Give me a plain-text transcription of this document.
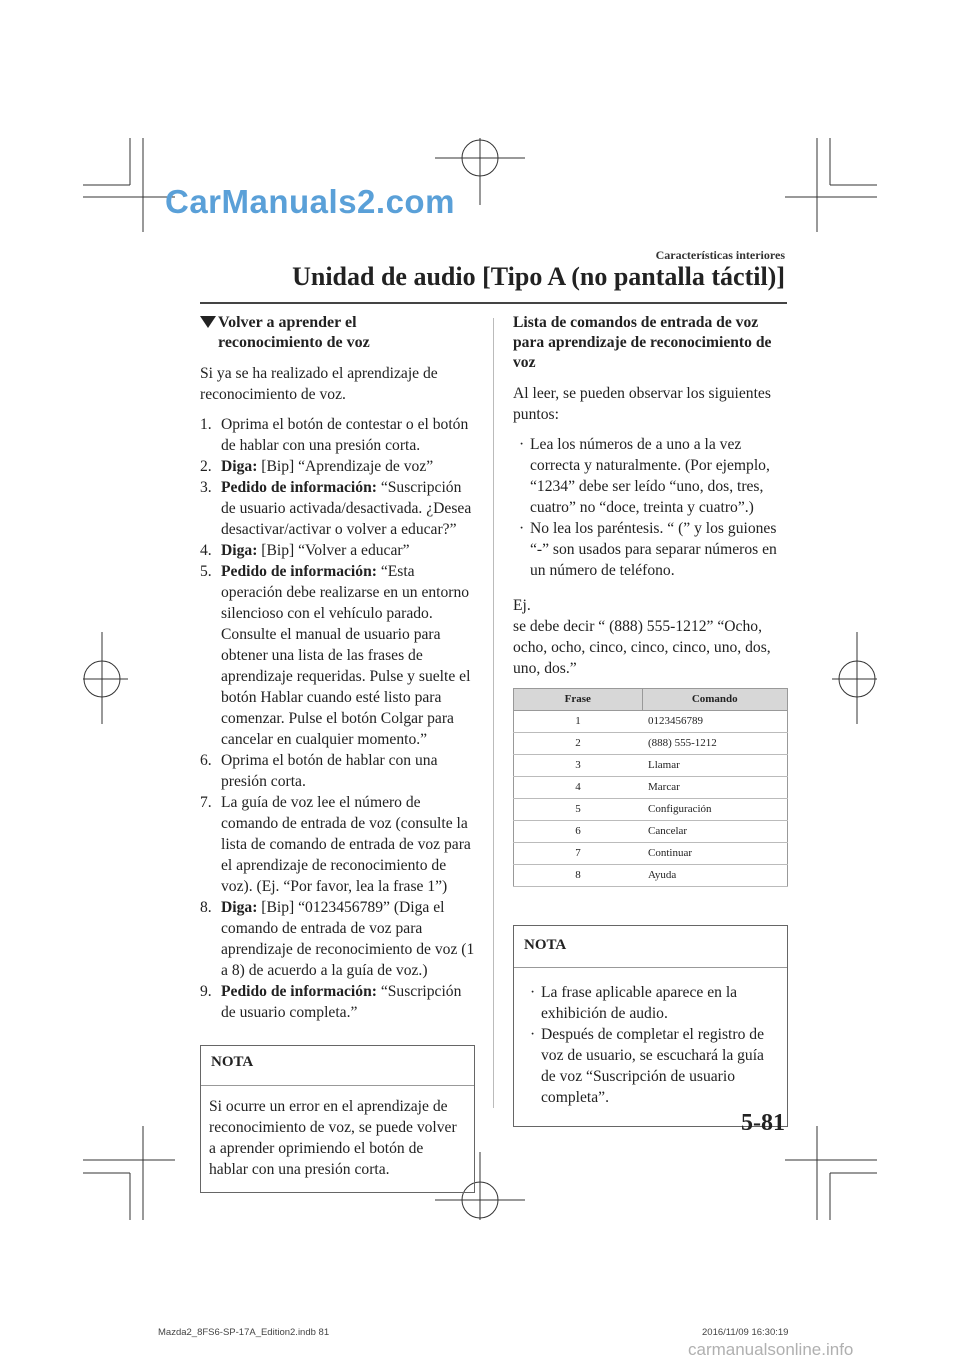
CarManuals2.com
Características interiores
Unidad de audio [Tipo A (no pantalla táctil)]
Volver a aprender el
reconocimiento de voz

Si ya se ha realizado el aprendizaje de reconocimiento de voz.

1. Oprima el botón de contestar o el botón de hablar con una presión corta.
2. Diga: [Bip] “Aprendizaje de voz”
3. Pedido de información: “Suscripción de usuario activada/desactivada. ¿Desea desactivar/activar o volver a educar?”
4. Diga: [Bip] “Volver a educar”
5. Pedido de información: “Esta operación debe realizarse en un entorno silencioso con el vehículo parado. Consulte el manual de usuario para obtener una lista de las frases de aprendizaje requeridas. Pulse y suelte el botón Hablar cuando esté listo para comenzar. Pulse el botón Colgar para cancelar en cualquier momento.”
6. Oprima el botón de hablar con una presión corta.
7. La guía de voz lee el número de comando de entrada de voz (consulte la lista de comando de entrada de voz para el aprendizaje de reconocimiento de voz). (Ej. “Por favor, lea la frase 1”)
8. Diga: [Bip] “0123456789” (Diga el comando de entrada de voz para aprendizaje de reconocimiento de voz (1 a 8) de acuerdo a la guía de voz.)
9. Pedido de información: “Suscripción de usuario completa.”
NOTA
Si ocurre un error en el aprendizaje de reconocimiento de voz, se puede volver a aprender oprimiendo el botón de hablar con una presión corta.
Lista de comandos de entrada de voz para aprendizaje de reconocimiento de voz

Al leer, se pueden observar los siguientes puntos:

· Lea los números de a uno a la vez correcta y naturalmente. (Por ejemplo, “1234” debe ser leído “uno, dos, tres, cuatro” no “doce, treinta y cuatro”.)
· No lea los paréntesis. “ (” y los guiones “-” son usados para separar números en un número de teléfono.

Ej.

se debe decir “ (888) 555-1212” “Ocho, ocho, ocho, cinco, cinco, cinco, uno, dos, uno, dos.”

Frase	Comando
1	0123456789
2	(888) 555-1212
3	Llamar
4	Marcar
5	Configuración
6	Cancelar
7	Continuar
8	Ayuda
NOTA
· La frase aplicable aparece en la exhibición de audio.
· Después de completar el registro de voz de usuario, se escuchará la guía de voz “Suscripción de usuario completa”.
5-81
Mazda2_8FS6-SP-17A_Edition2.indb 81	2016/11/09 16:30:19
carmanualsonline.info
